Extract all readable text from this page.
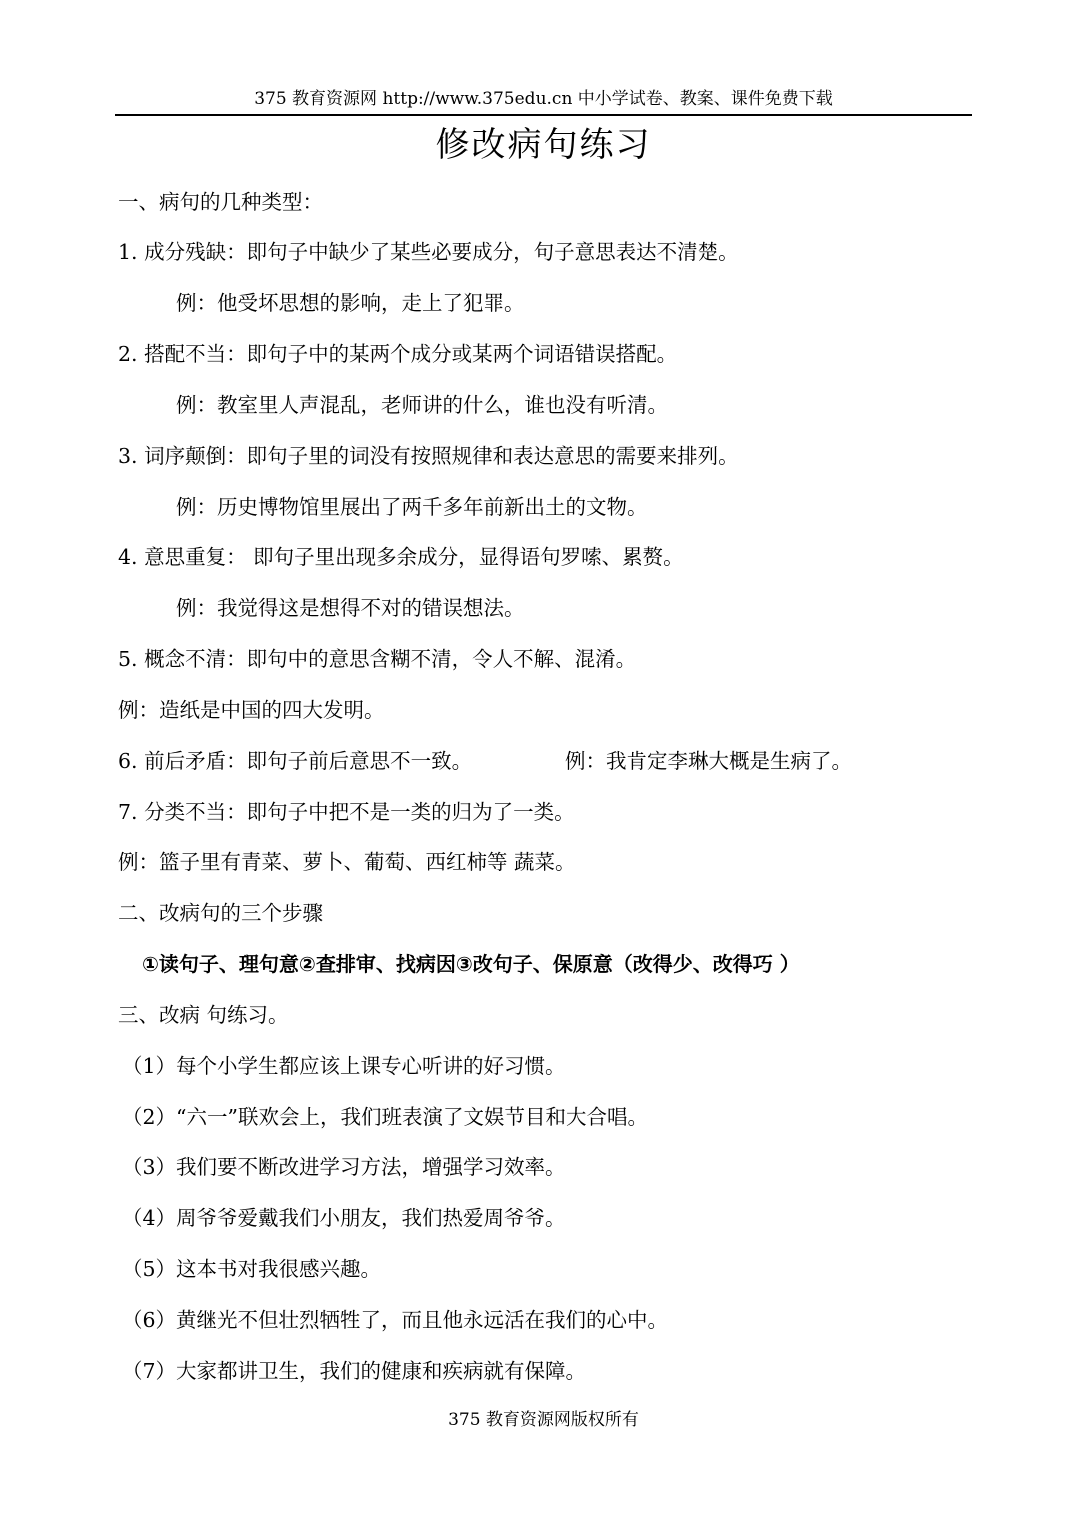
375 教育资源网 http://www.375edu.cn 中小学试卷、教案、课件免费下载
修改病句练习
一、病句的几种类型：
1. 成分残缺：即句子中缺少了某些必要成分，句子意思表达不清楚。
例：他受坏思想的影响，走上了犯罪。
2. 搭配不当：即句子中的某两个成分或某两个词语错误搭配。
例：教室里人声混乱，老师讲的什么，谁也没有听清。
3. 词序颠倒：即句子里的词没有按照规律和表达意思的需要来排列。
例：历史博物馆里展出了两千多年前新出土的文物。
4. 意思重复： 即句子里出现多余成分，显得语句罗嗦、累赘。
例：我觉得这是想得不对的错误想法。
5. 概念不清：即句中的意思含糊不清，令人不解、混淆。
例：造纸是中国的四大发明。
6. 前后矛盾：即句子前后意思不一致。	例：我肯定李琳大概是生病了。
7. 分类不当：即句子中把不是一类的归为了一类。
例：篮子里有青菜、萝卜、葡萄、西红柿等 蔬菜。
二、改病句的三个步骤
①读句子、理句意②查排审、找病因③改句子、保原意（改得少、改得巧 ）
三、改病 句练习。
（1）每个小学生都应该上课专心听讲的好习惯。
（2）“六一”联欢会上，我们班表演了文娱节目和大合唱。
（3）我们要不断改进学习方法，增强学习效率。
（4）周爷爷爱戴我们小朋友，我们热爱周爷爷。
（5）这本书对我很感兴趣。
（6）黄继光不但壮烈牺牲了，而且他永远活在我们的心中。
（7）大家都讲卫生，我们的健康和疾病就有保障。
375 教育资源网版权所有
